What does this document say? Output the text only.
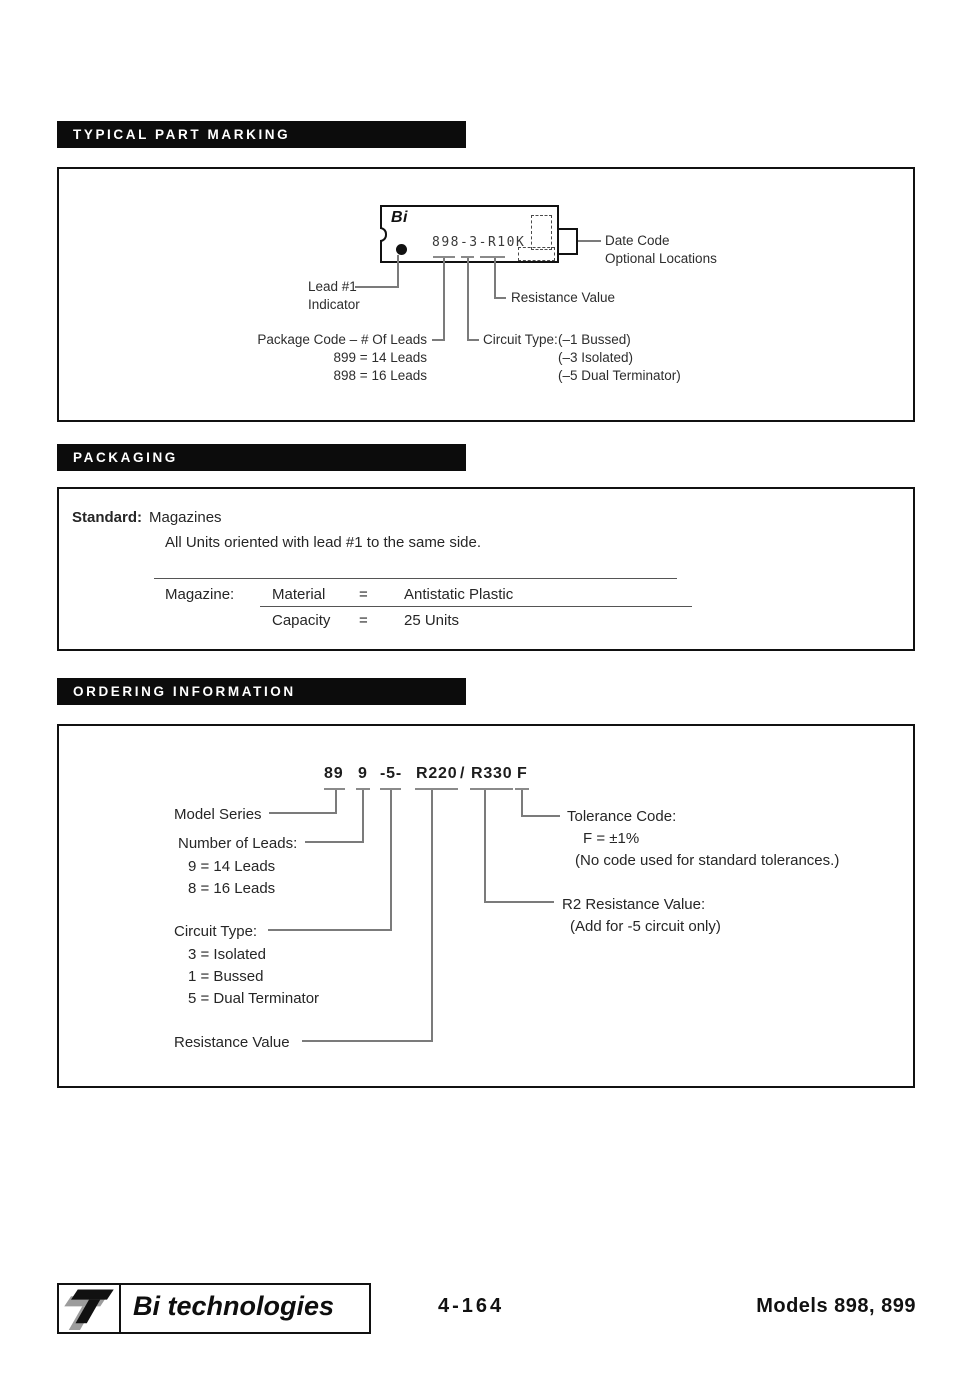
TYPICAL PART MARKING
Bi
898-3-R10K	Date Code
Optional Locations
Lead #1
Indicator
Package Code – # Of Leads
899 = 14 Leads
898 = 16 Leads
Circuit Type: (–1 Bussed)
(–3 Isolated)
(–5 Dual Terminator)
Resistance Value
PACKAGING
Standard: Magazines
All Units oriented with lead #1 to the same side.
Magazine:	Material = Antistatic Plastic
Capacity = 25 Units
ORDERING INFORMATION
89 9 -5- R220 / R330 F
Model Series
Number of Leads:
9 = 14 Leads
8 = 16 Leads
Circuit Type:
3 = Isolated
1 = Bussed
5 = Dual Terminator
Resistance Value
Tolerance Code:
F = ±1%
(No code used for standard tolerances.)
R2 Resistance Value:
(Add for -5 circuit only)
Bi technologies	4-164	Models 898, 899
